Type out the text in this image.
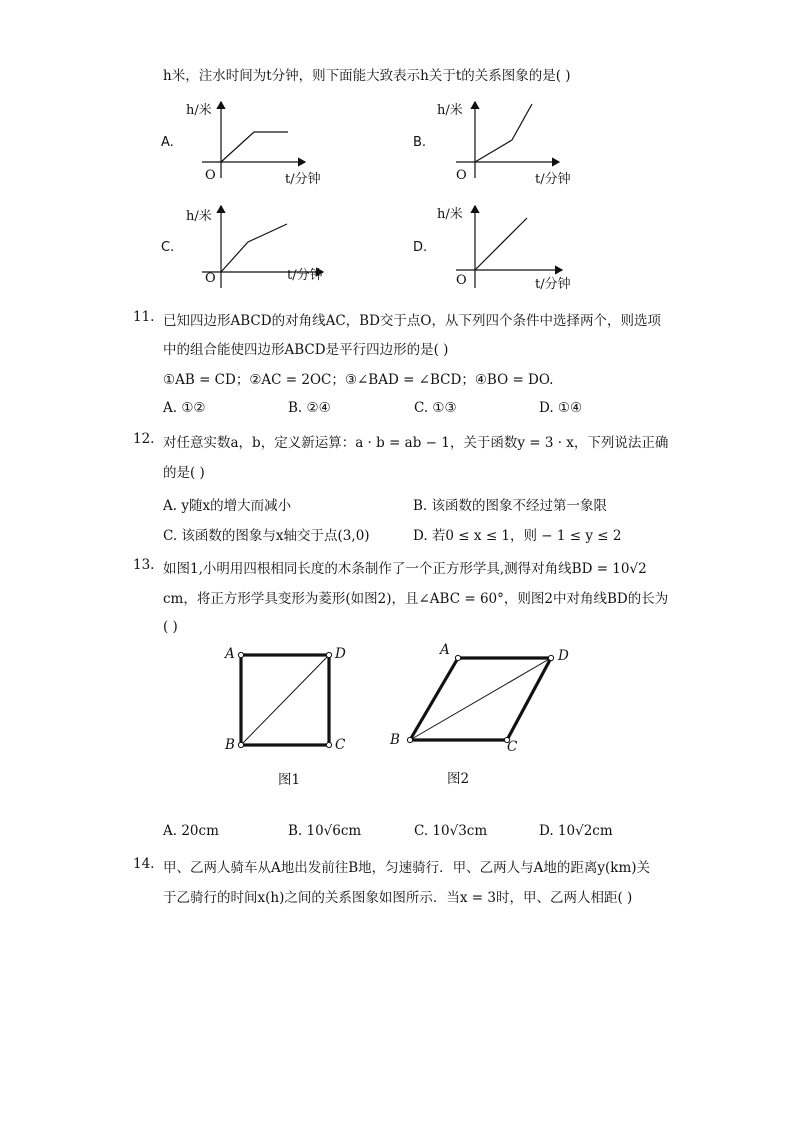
h米，注水时间为t分钟，则下面能大致表示h关于t的关系图象的是( )
A.
h/米
O	t/分钟
B.
h/米
O	t/分钟
C.
h/米
O	t/分钟
D.
h/米
O	t/分钟
11. 已知四边形ABCD的对角线AC，BD交于点O，从下列四个条件中选择两个，则选项
中的组合能使四边形ABCD是平行四边形的是( )
①AB = CD；②AC = 2OC；③∠BAD = ∠BCD；④BO = DO.
A. ①②	B. ②④	C. ①③	D. ①④
12. 对任意实数a，b，定义新运算：a · b = ab − 1，关于函数y = 3 · x，下列说法正确
的是( )
A. y随x的增大而减小	B. 该函数的图象不经过第一象限
C. 该函数的图象与x轴交于点(3,0)	D. 若0 ≤ x ≤ 1，则 − 1 ≤ y ≤ 2
13. 如图1,小明用四根相同长度的木条制作了一个正方形学具,测得对角线BD = 10√2
cm，将正方形学具变形为菱形(如图2)，且∠ABC = 60°，则图2中对角线BD的长为
( )
A	D
B	C
图1
A	D
B	C
图2
A. 20cm	B. 10√6cm	C. 10√3cm	D. 10√2cm
14. 甲、乙两人骑车从A地出发前往B地，匀速骑行．甲、乙两人与A地的距离y(km)关
于乙骑行的时间x(h)之间的关系图象如图所示．当x = 3时，甲、乙两人相距( )
